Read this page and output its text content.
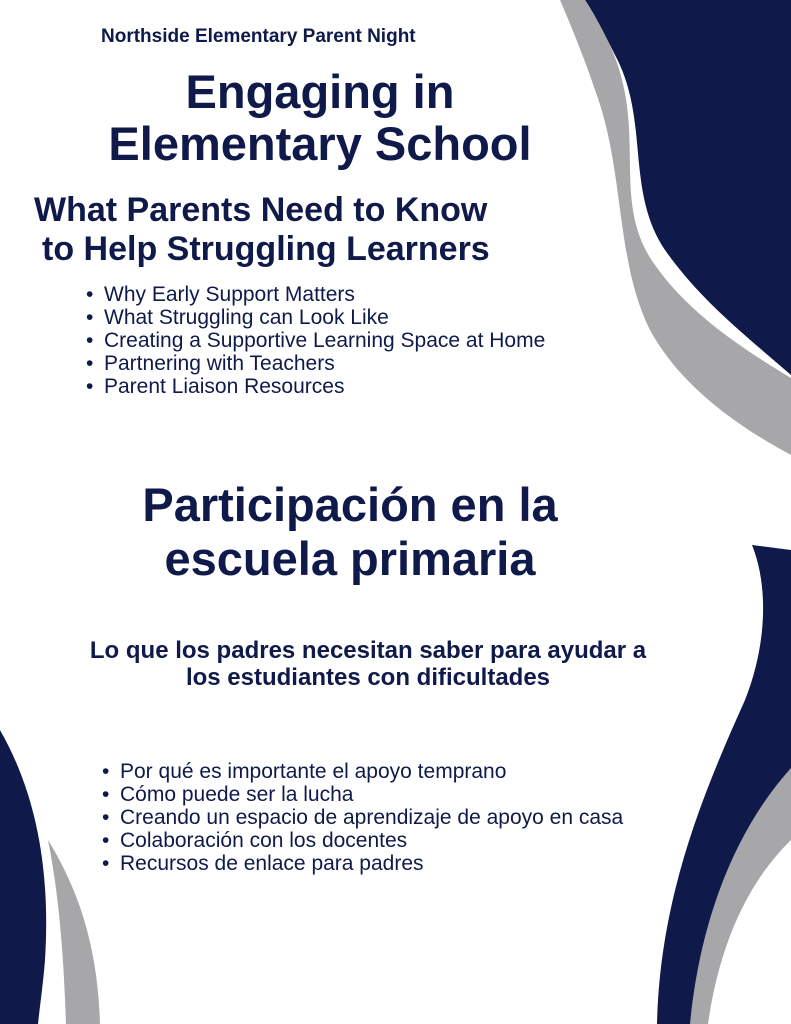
Northside Elementary Parent Night
Engaging in Elementary School
What Parents Need to Know
to Help Struggling Learners
• Why Early Support Matters
• What Struggling can Look Like
• Creating a Supportive Learning Space at Home
• Partnering with Teachers
• Parent Liaison Resources
Participación en la escuela primaria
Lo que los padres necesitan saber para ayudar a los estudiantes con dificultades
• Por qué es importante el apoyo temprano
• Cómo puede ser la lucha
• Creando un espacio de aprendizaje de apoyo en casa
• Colaboración con los docentes
• Recursos de enlace para padres
